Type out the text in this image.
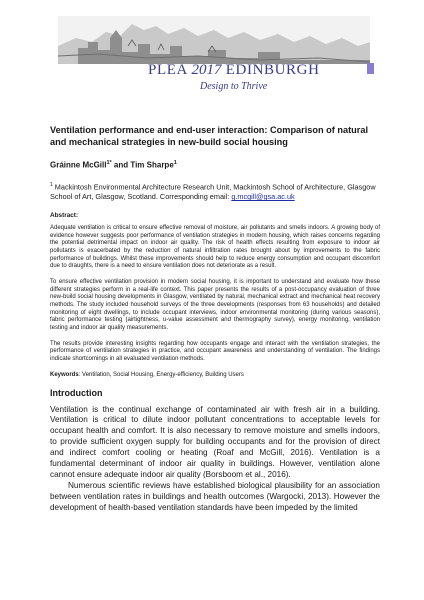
PLEA 2017 EDINBURGH
Design to Thrive
Ventilation performance and end-user interaction: Comparison of natural and mechanical strategies in new-build social housing
Gráinne McGill$^{1*}$ and Tim Sharpe$^1$
$^1$ Mackintosh Environmental Architecture Research Unit, Mackintosh School of Architecture, Glasgow School of Art, Glasgow, Scotland. Corresponding email: g.mcgill@gsa.ac.uk
Abstract:

Adequate ventilation is critical to ensure effective removal of moisture, air pollutants and smells indoors. A growing body of evidence however suggests poor performance of ventilation strategies in modern housing, which raises concerns regarding the potential detrimental impact on indoor air quality. The risk of health effects resulting from exposure to indoor air pollutants is exacerbated by the reduction of natural infiltration rates brought about by improvements to the fabric performance of buildings. Whilst these improvements should help to reduce energy consumption and occupant discomfort due to draughts, there is a need to ensure ventilation does not deteriorate as a result.

To ensure effective ventilation provision in modern social housing, it is important to understand and evaluate how these different strategies perform in a real-life context. This paper presents the results of a post-occupancy evaluation of three new-build social housing developments in Glasgow, ventilated by natural, mechanical extract and mechanical heat recovery methods. The study included household surveys of the three developments (responses from 63 households) and detailed monitoring of eight dwellings, to include occupant interviews, indoor environmental monitoring (during various seasons), fabric performance testing (airtightness, u-value assessment and thermography survey), energy monitoring, ventilation testing and indoor air quality measurements.

The results provide interesting insights regarding how occupants engage and interact with the ventilation strategies, the performance of ventilation strategies in practice, and occupant awareness and understanding of ventilation. The findings indicate shortcomings in all evaluated ventilation methods.

Keywords: Ventilation, Social Housing, Energy-efficiency, Building Users
Introduction

Ventilation is the continual exchange of contaminated air with fresh air in a building. Ventilation is critical to dilute indoor pollutant concentrations to acceptable levels for occupant health and comfort. It is also necessary to remove moisture and smells indoors, to provide sufficient oxygen supply for building occupants and for the provision of direct and indirect comfort cooling or heating (Roaf and McGill, 2016). Ventilation is a fundamental determinant of indoor air quality in buildings. However, ventilation alone cannot ensure adequate indoor air quality (Borsboom et al., 2016).

Numerous scientific reviews have established biological plausibility for an association between ventilation rates in buildings and health outcomes (Wargocki, 2013). However the development of health-based ventilation standards have been impeded by the limited
